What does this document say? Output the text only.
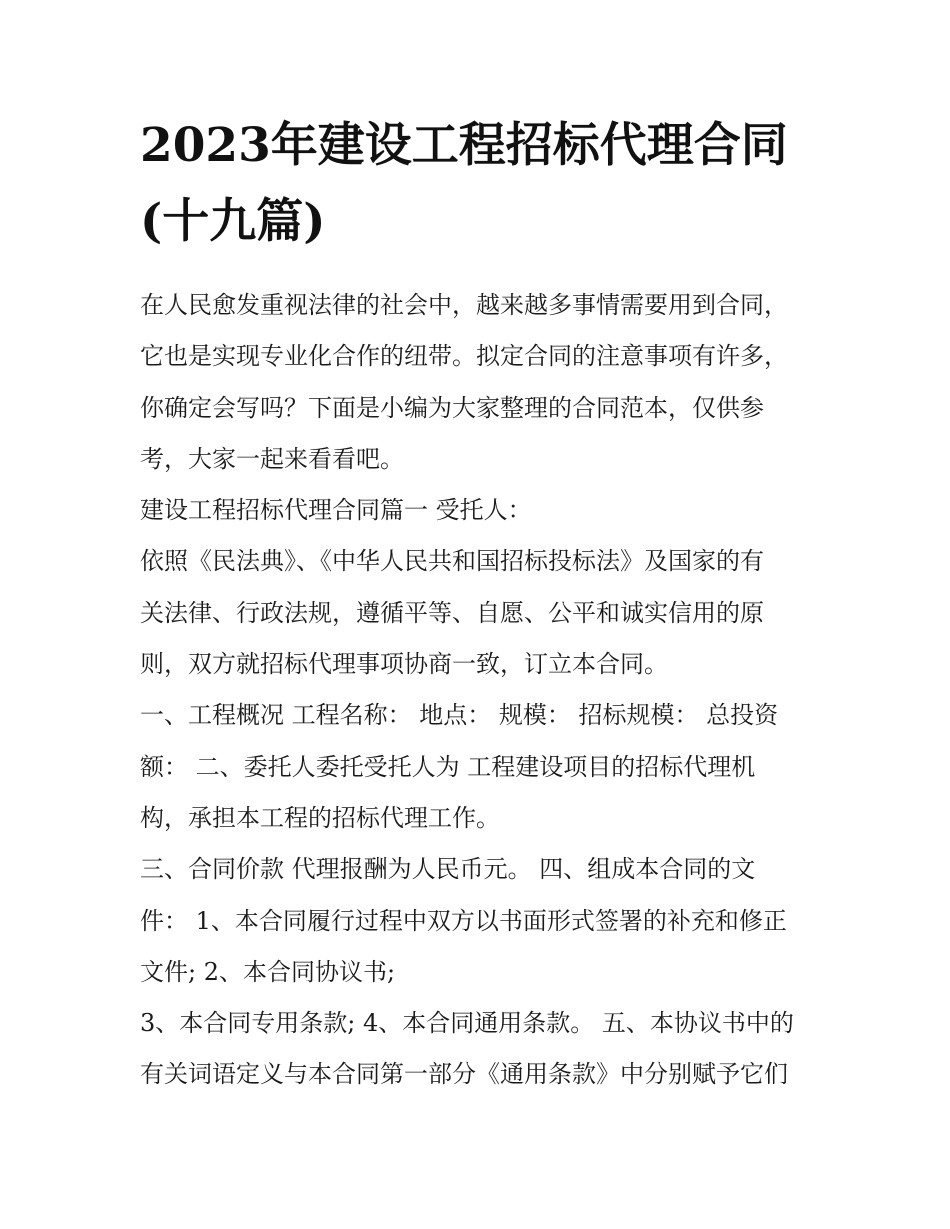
2023年建设工程招标代理合同
(十九篇)
在人民愈发重视法律的社会中，越来越多事情需要用到合同，
它也是实现专业化合作的纽带。拟定合同的注意事项有许多，
你确定会写吗？下面是小编为大家整理的合同范本，仅供参
考，大家一起来看看吧。
建设工程招标代理合同篇一 受托人：
依照《民法典》、《中华人民共和国招标投标法》及国家的有
关法律、行政法规，遵循平等、自愿、公平和诚实信用的原
则，双方就招标代理事项协商一致，订立本合同。
一、工程概况 工程名称： 地点： 规模： 招标规模： 总投资
额： 二、委托人委托受托人为 工程建设项目的招标代理机
构，承担本工程的招标代理工作。
三、合同价款 代理报酬为人民币元。 四、组成本合同的文
件： 1、本合同履行过程中双方以书面形式签署的补充和修正
文件; 2、本合同协议书;
3、本合同专用条款; 4、本合同通用条款。 五、本协议书中的
有关词语定义与本合同第一部分《通用条款》中分别赋予它们
